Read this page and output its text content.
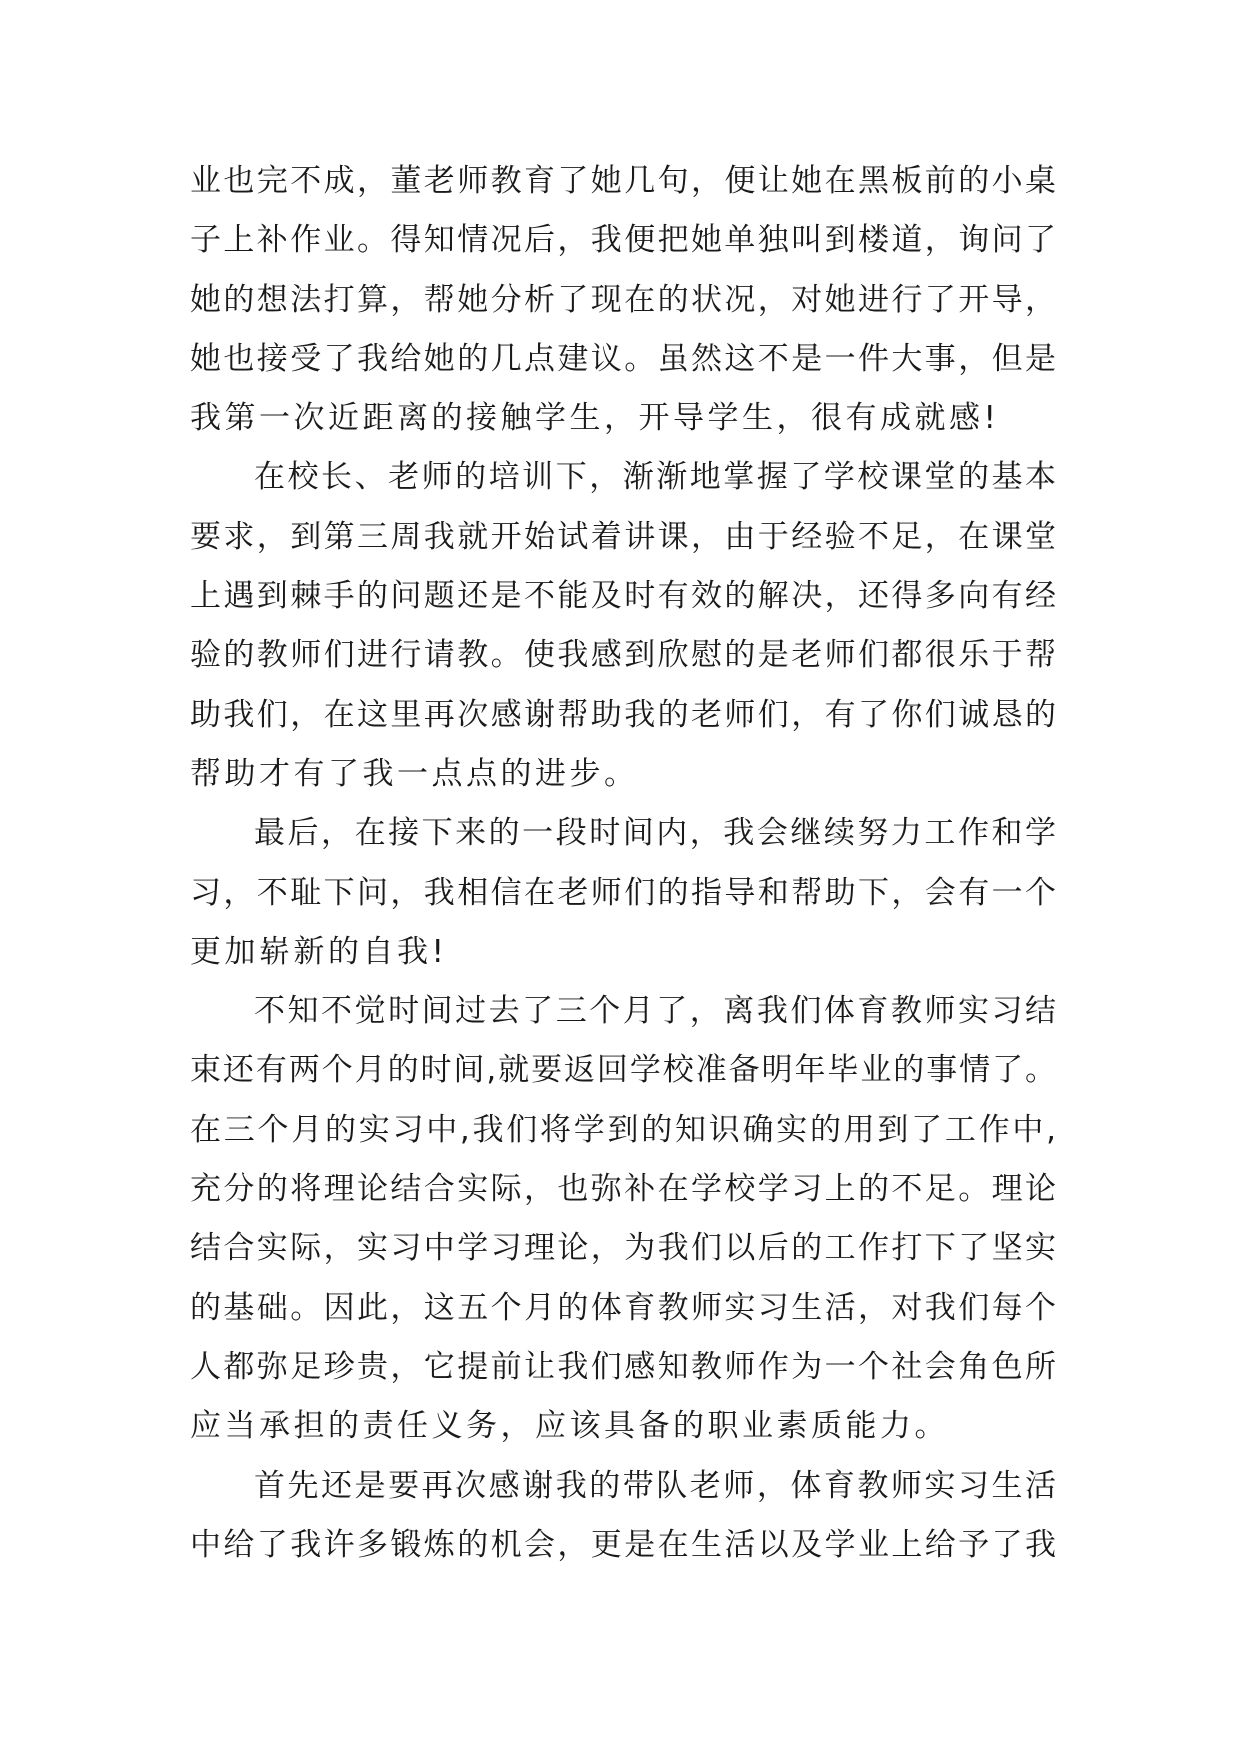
业也完不成，董老师教育了她几句，便让她在黑板前的小桌
子上补作业。得知情况后，我便把她单独叫到楼道，询问了
她的想法打算，帮她分析了现在的状况，对她进行了开导，
她也接受了我给她的几点建议。虽然这不是一件大事，但是
我第一次近距离的接触学生，开导学生，很有成就感!
在校长、老师的培训下，渐渐地掌握了学校课堂的基本
要求，到第三周我就开始试着讲课，由于经验不足，在课堂
上遇到棘手的问题还是不能及时有效的解决，还得多向有经
验的教师们进行请教。使我感到欣慰的是老师们都很乐于帮
助我们，在这里再次感谢帮助我的老师们，有了你们诚恳的
帮助才有了我一点点的进步。
最后，在接下来的一段时间内，我会继续努力工作和学
习，不耻下问，我相信在老师们的指导和帮助下，会有一个
更加崭新的自我!
不知不觉时间过去了三个月了，离我们体育教师实习结
束还有两个月的时间,就要返回学校准备明年毕业的事情了。
在三个月的实习中,我们将学到的知识确实的用到了工作中,
充分的将理论结合实际，也弥补在学校学习上的不足。理论
结合实际，实习中学习理论，为我们以后的工作打下了坚实
的基础。因此，这五个月的体育教师实习生活，对我们每个
人都弥足珍贵，它提前让我们感知教师作为一个社会角色所
应当承担的责任义务，应该具备的职业素质能力。
首先还是要再次感谢我的带队老师，体育教师实习生活
中给了我许多锻炼的机会，更是在生活以及学业上给予了我
